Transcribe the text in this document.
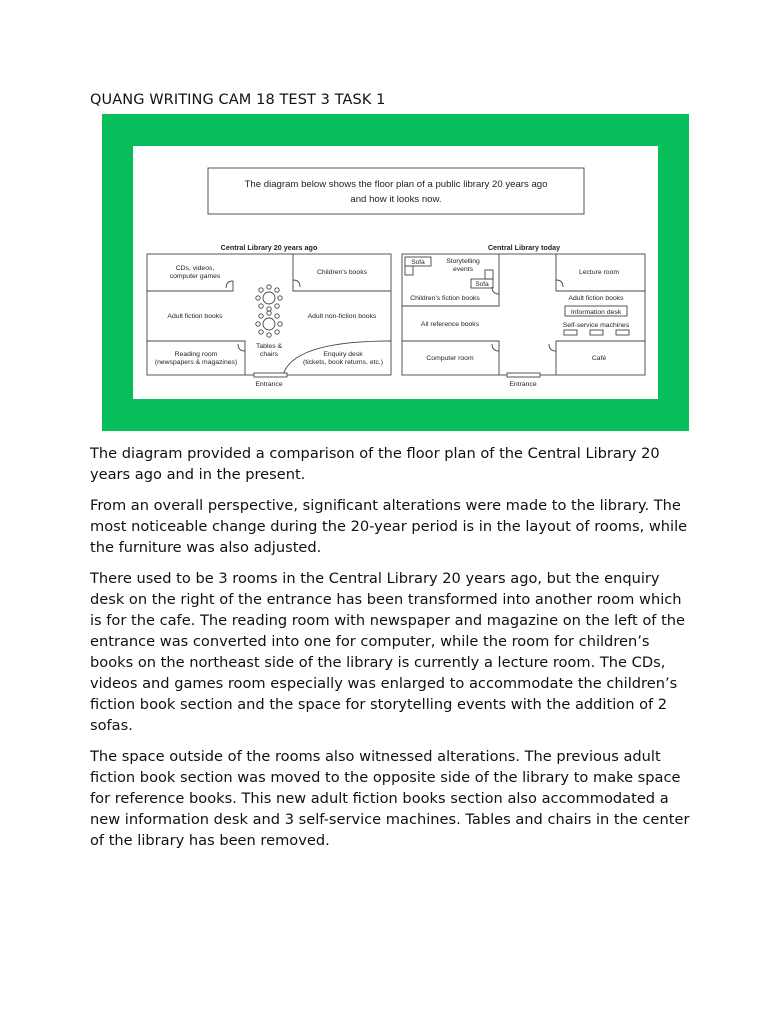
QUANG WRITING CAM 18 TEST 3 TASK 1
The diagram below shows the floor plan of a public library 20 years ago
and how it looks now.
Central Library 20 years ago
CDs, videos,
computer games
Children's books
Adult fiction books	Adult non-fiction books
Tables &
chairs
Reading room
(newspapers & magazines)
Enquiry desk
(tickets, book returns, etc.)
Entrance
Central Library today
Sofa
Sofa
Storytelling
events
Children's fiction books
Lecture room
Adult fiction books
Information desk
Self-service machines
All reference books
Computer room	Café
Entrance

The diagram provided a comparison of the floor plan of the Central Library 20 years ago and in the present.

From an overall perspective, significant alterations were made to the library. The most noticeable change during the 20-year period is in the layout of rooms, while the furniture was also adjusted.

There used to be 3 rooms in the Central Library 20 years ago, but the enquiry desk on the right of the entrance has been transformed into another room which is for the cafe. The reading room with newspaper and magazine on the left of the entrance was converted into one for computer, while the room for children’s books on the northeast side of the library is currently a lecture room. The CDs, videos and games room especially was enlarged to accommodate the children’s fiction book section and the space for storytelling events with the addition of 2 sofas.

The space outside of the rooms also witnessed alterations. The previous adult fiction book section was moved to the opposite side of the library to make space for reference books. This new adult fiction books section also accommodated a new information desk and 3 self-service machines. Tables and chairs in the center of the library has been removed.
